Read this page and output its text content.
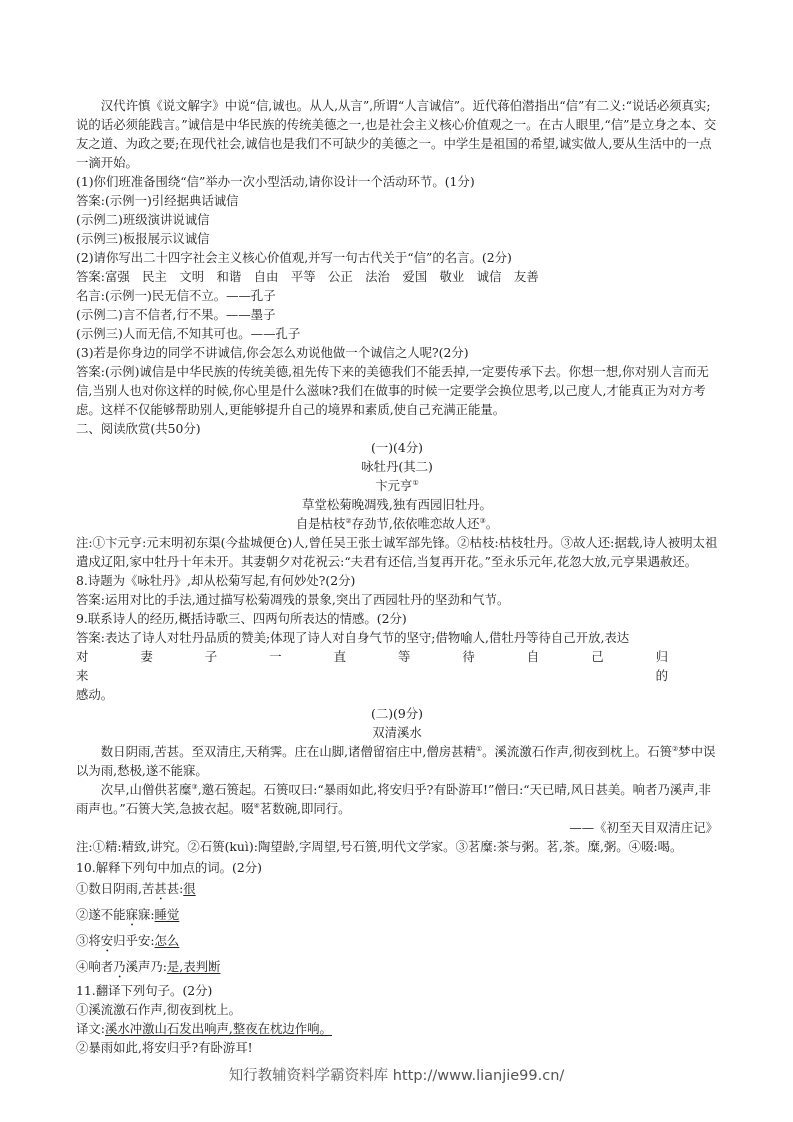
汉代许慎《说文解字》中说“信,诚也。从人,从言”,所谓“人言诚信”。近代蒋伯潜指出“信”有二义:“说话必须真实;说的话必须能践言。”诚信是中华民族的传统美德之一,也是社会主义核心价值观之一。在古人眼里,“信”是立身之本、交友之道、为政之要;在现代社会,诚信也是我们不可缺少的美德之一。中学生是祖国的希望,诚实做人,要从生活中的一点一滴开始。

(1)你们班准备围绕“信”举办一次小型活动,请你设计一个活动环节。(1分)

答案:(示例一)引经据典话诚信

(示例二)班级演讲说诚信

(示例三)板报展示议诚信

(2)请你写出二十四字社会主义核心价值观,并写一句古代关于“信”的名言。(2分)

答案:富强　民主　文明　和谐　自由　平等　公正　法治　爱国　敬业　诚信　友善

名言:(示例一)民无信不立。——孔子

(示例二)言不信者,行不果。——墨子

(示例三)人而无信,不知其可也。——孔子

(3)若是你身边的同学不讲诚信,你会怎么劝说他做一个诚信之人呢?(2分)

答案:(示例)诚信是中华民族的传统美德,祖先传下来的美德我们不能丢掉,一定要传承下去。你想一想,你对别人言而无信,当别人也对你这样的时候,你心里是什么滋味?我们在做事的时候一定要学会换位思考,以己度人,才能真正为对方考虑。这样不仅能够帮助别人,更能够提升自己的境界和素质,使自己充满正能量。

二、阅读欣赏(共50分)

(一)(4分)

咏牡丹(其二)

卞元亨①

草堂松菊晚凋残,独有西园旧牡丹。

自是枯枝②存劲节,依依唯恋故人还③。

注:①卞元亨:元末明初东渠(今盐城便仓)人,曾任吴王张士诚军部先锋。②枯枝:枯枝牡丹。③故人还:据载,诗人被明太祖遣戍辽阳,家中牡丹十年未开。其妻朝夕对花祝云:“夫君有还信,当复再开花。”至永乐元年,花忽大放,元亨果遇赦还。

8.诗题为《咏牡丹》,却从松菊写起,有何妙处?(2分)

答案:运用对比的手法,通过描写松菊凋残的景象,突出了西园牡丹的坚劲和气节。

9.联系诗人的经历,概括诗歌三、四两句所表达的情感。(2分)

答案:表达了诗人对牡丹品质的赞美;体现了诗人对自身气节的坚守;借物喻人,借牡丹等待自己开放,表达

对妻子一直等待自己归来的

感动。

(二)(9分)

双清溪水

数日阴雨,苦甚。至双清庄,天稍霁。庄在山脚,诸僧留宿庄中,僧房甚精①。溪流激石作声,彻夜到枕上。石篑②梦中误以为雨,愁极,遂不能寐。

次早,山僧供茗糜③,邀石篑起。石篑叹曰:“暴雨如此,将安归乎?有卧游耳!”僧曰:“天已晴,风日甚美。响者乃溪声,非雨声也。”石篑大笑,急披衣起。啜④茗数碗,即同行。

——《初至天目双清庄记》

注:①精:精致,讲究。②石篑(kuì):陶望龄,字周望,号石篑,明代文学家。③茗糜:茶与粥。茗,茶。糜,粥。④啜:喝。

10.解释下列句中加点的词。(2分)

①数日阴雨,苦甚甚:很

②遂不能寐寐:睡觉

③将安归乎安:怎么

④响者乃溪声乃:是,表判断

11.翻译下列句子。(2分)

①溪流激石作声,彻夜到枕上。

译文:溪水冲激山石发出响声,整夜在枕边作响。

②暴雨如此,将安归乎?有卧游耳!

知行教辅资料学霸资料库 http://www.lianjie99.cn/
